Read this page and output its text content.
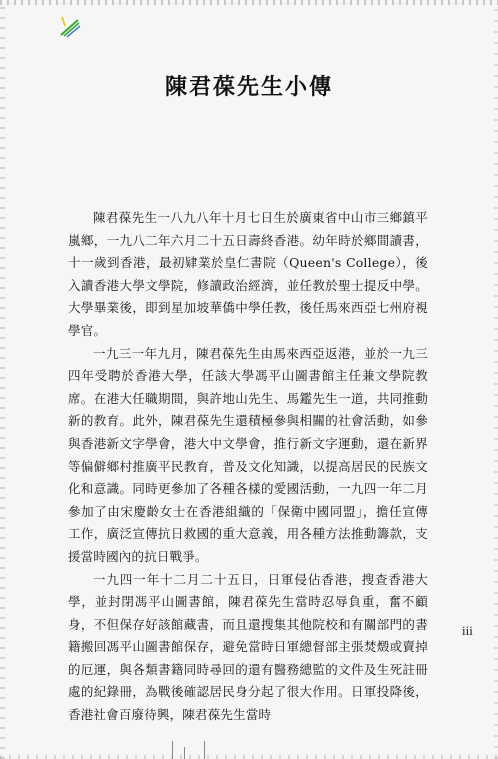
陳君葆先生小傳

陳君葆先生一八九八年十月七日生於廣東省中山市三鄉鎮平嵐鄉，一九八二年六月二十五日壽終香港。幼年時於鄉間讀書，十一歲到香港，最初肄業於皇仁書院（Queen's College），後入讀香港大學文學院，修讀政治經濟，並任教於聖士提反中學。大學畢業後，即到星加坡華僑中學任教，後任馬來西亞七州府視學官。

一九三一年九月，陳君葆先生由馬來西亞返港，並於一九三四年受聘於香港大學，任該大學馮平山圖書館主任兼文學院教席。在港大任職期間，與許地山先生、馬鑑先生一道，共同推動新的教育。此外，陳君葆先生還積極參與相關的社會活動，如參與香港新文字學會，港大中文學會，推行新文字運動，還在新界等偏僻鄉村推廣平民教育，普及文化知識，以提高居民的民族文化和意識。同時更參加了各種各樣的愛國活動，一九四一年二月參加了由宋慶齡女士在香港組織的「保衛中國同盟」，擔任宣傳工作，廣泛宣傳抗日救國的重大意義，用各種方法推動籌款，支援當時國內的抗日戰爭。

一九四一年十二月二十五日，日軍侵佔香港，搜查香港大學，並封閉馮平山圖書館，陳君葆先生當時忍辱負重，奮不顧身，不但保存好該館藏書，而且還搜集其他院校和有關部門的書籍搬回馮平山圖書館保存，避免當時日軍總督部主張焚燬或賣掉的厄運，與各類書籍同時尋回的還有醫務總監的文件及生死註冊處的紀錄冊，為戰後確認居民身分起了很大作用。日軍投降後，香港社會百廢待興，陳君葆先生當時

iii
